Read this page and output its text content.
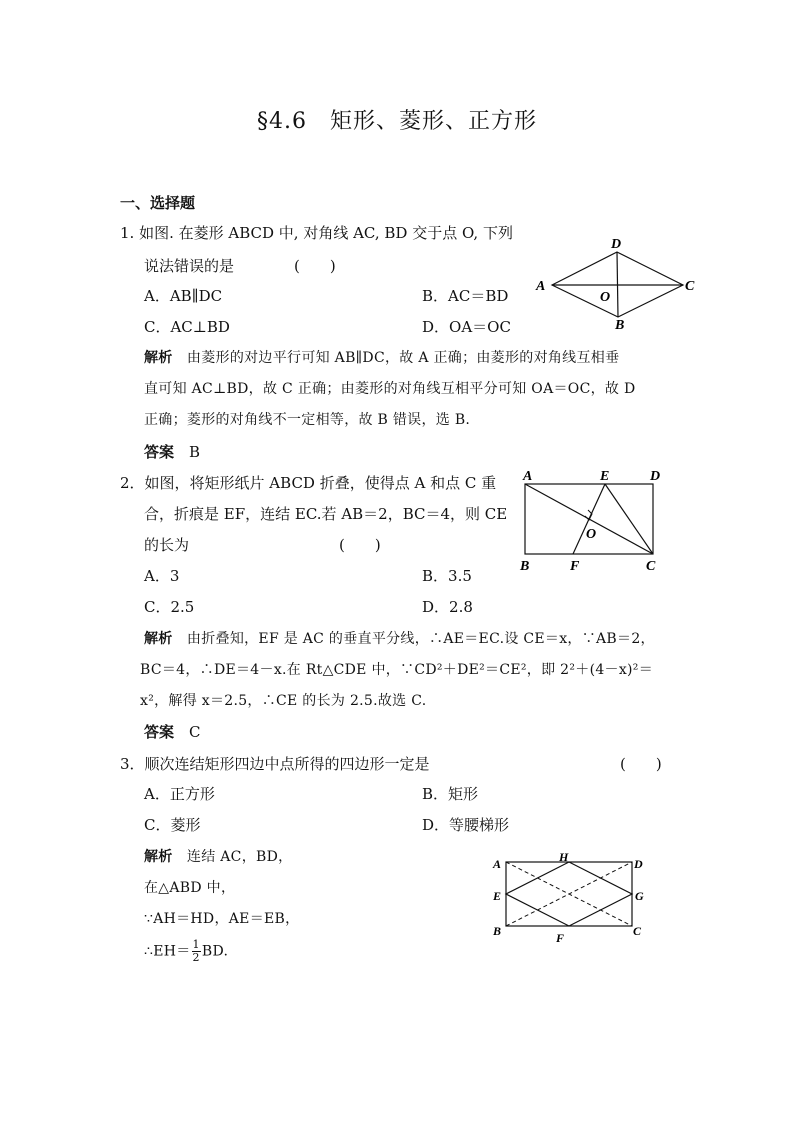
§4.6　矩形、菱形、正方形
一、选择题
1. 如图. 在菱形 ABCD 中, 对角线 AC, BD 交于点 O, 下列
说法错误的是　　　　(　　)
A．AB∥DC	B．AC＝BD
C．AC⊥BD	D．OA＝OC
解析　 由菱形的对边平行可知 AB∥DC，故 A 正确；由菱形的对角线互相垂
直可知 AC⊥BD，故 C 正确；由菱形的对角线互相平分可知 OA＝OC，故 D
正确；菱形的对角线不一定相等，故 B 错误，选 B.
答案　 B
A
D
C
B
O
2．如图，将矩形纸片 ABCD 折叠，使得点 A 和点 C 重
合，折痕是 EF，连结 EC.若 AB＝2，BC＝4，则 CE
的长为　　　　　　　　　　(　　)
A．3	B．3.5
C．2.5	D．2.8
解析　 由折叠知，EF 是 AC 的垂直平分线，∴AE＝EC.设 CE＝x，∵AB＝2，
BC＝4，∴DE＝4－x.在 Rt△CDE 中，∵CD²＋DE²＝CE²，即 2²＋(4－x)²＝
x²，解得 x＝2.5，∴CE 的长为 2.5.故选 C.
答案　 C
A	E	D
O
B	F	C
3．顺次连结矩形四边中点所得的四边形一定是	(　　)
A．正方形	B．矩形
C．菱形	D．等腰梯形
解析　 连结 AC，BD，
在△ABD 中，
∵AH＝HD，AE＝EB，
∴EH＝ $\frac{1}{2}$ BD.
A	H	D
E	G
B	F	C
